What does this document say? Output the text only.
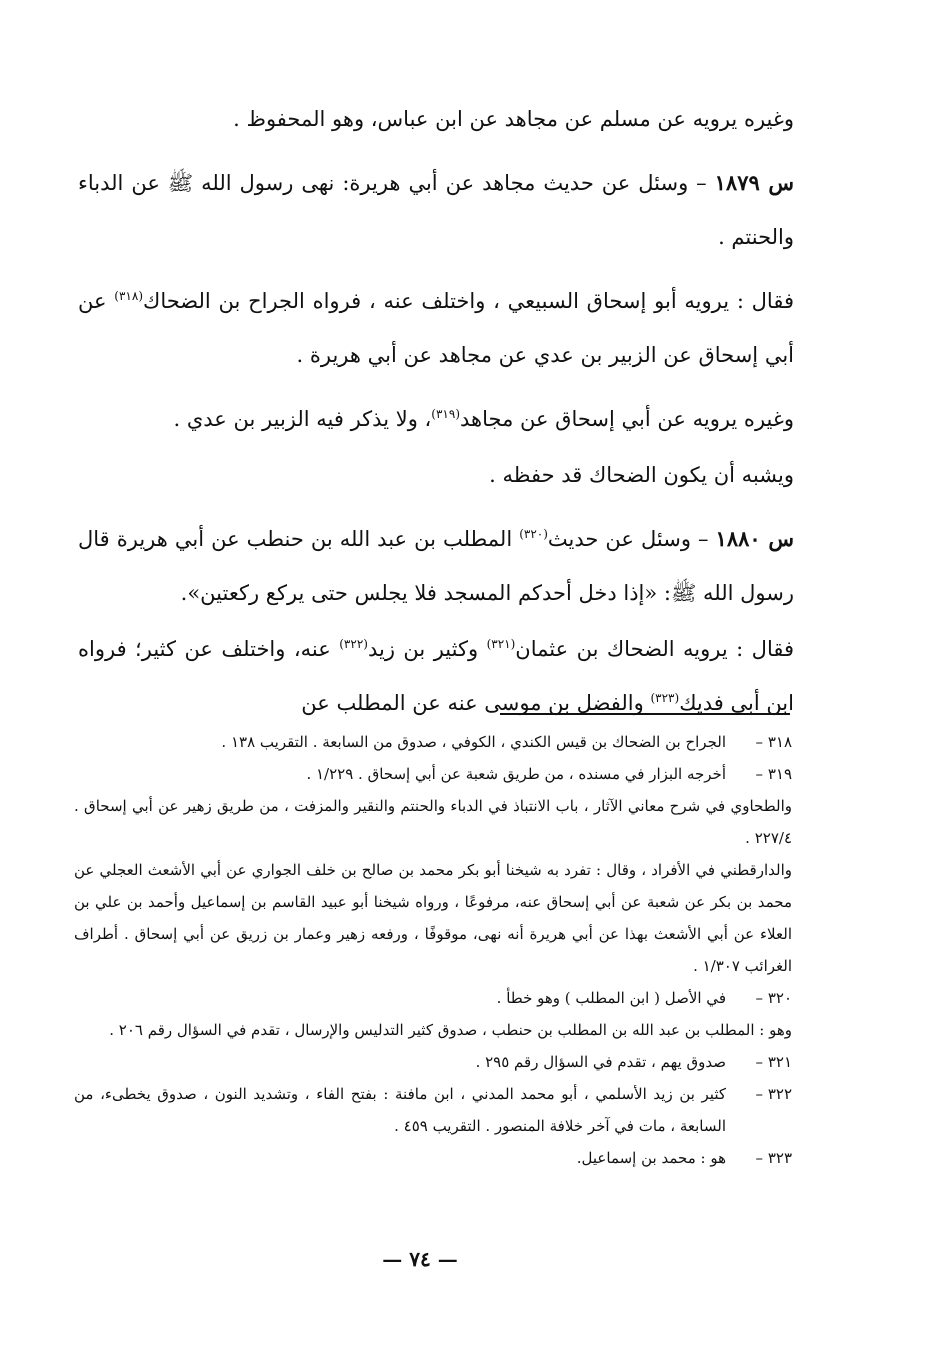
وغيره يرويه عن مسلم عن مجاهد عن ابن عباس، وهو المحفوظ .

س ١٨٧٩ – وسئل عن حديث مجاهد عن أبي هريرة: نهى رسول الله ﷺ عن الدباء والحنتم .

فقال : يرويه أبو إسحاق السبيعي ، واختلف عنه ، فرواه الجراح بن الضحاك$^{(٣١٨)}$ عن أبي إسحاق عن الزبير بن عدي عن مجاهد عن أبي هريرة .

وغيره يرويه عن أبي إسحاق عن مجاهد$^{(٣١٩)}$، ولا يذكر فيه الزبير بن عدي .

ويشبه أن يكون الضحاك قد حفظه .

س ١٨٨٠ – وسئل عن حديث$^{(٣٢٠)}$ المطلب بن عبد الله بن حنطب عن أبي هريرة قال رسول الله ﷺ: «إذا دخل أحدكم المسجد فلا يجلس حتى يركع ركعتين».

فقال : يرويه الضحاك بن عثمان$^{(٣٢١)}$ وكثير بن زيد$^{(٣٢٢)}$ عنه، واختلف عن كثير؛ فرواه ابن أبي فديك$^{(٣٢٣)}$ والفضل بن موسى عنه عن المطلب عن

٣١٨ –
الجراح بن الضحاك بن قيس الكندي ، الكوفي ، صدوق من السابعة . التقريب ١٣٨ .
٣١٩ –
أخرجه البزار في مسنده ، من طريق شعبة عن أبي إسحاق . ١/٢٢٩ .
والطحاوي في شرح معاني الآثار ، باب الانتباذ في الدباء والحنتم والنقير والمزفت ، من طريق زهير عن أبي إسحاق . ٢٢٧/٤ .
والدارقطني في الأفراد ، وقال : تفرد به شيخنا أبو بكر محمد بن صالح بن خلف الجواري عن أبي الأشعث العجلي عن محمد بن بكر عن شعبة عن أبي إسحاق عنه، مرفوعًا ، ورواه شيخنا أبو عبيد القاسم بن إسماعيل وأحمد بن علي بن العلاء عن أبي الأشعث بهذا عن أبي هريرة أنه نهى، موقوفًا ، ورفعه زهير وعمار بن زريق عن أبي إسحاق . أطراف الغرائب ١/٣٠٧ .
٣٢٠ –
في الأصل ( ابن المطلب ) وهو خطأ .
وهو : المطلب بن عبد الله بن المطلب بن حنطب ، صدوق كثير التدليس والإرسال ، تقدم في السؤال رقم ٢٠٦ .
٣٢١ –
صدوق يهم ، تقدم في السؤال رقم ٢٩٥ .
٣٢٢ –
كثير بن زيد الأسلمي ، أبو محمد المدني ، ابن مافنة : بفتح الفاء ، وتشديد النون ، صدوق يخطىء، من السابعة ، مات في آخر خلافة المنصور . التقريب ٤٥٩ .
٣٢٣ –
هو : محمد بن إسماعيل.
— ٧٤ —
